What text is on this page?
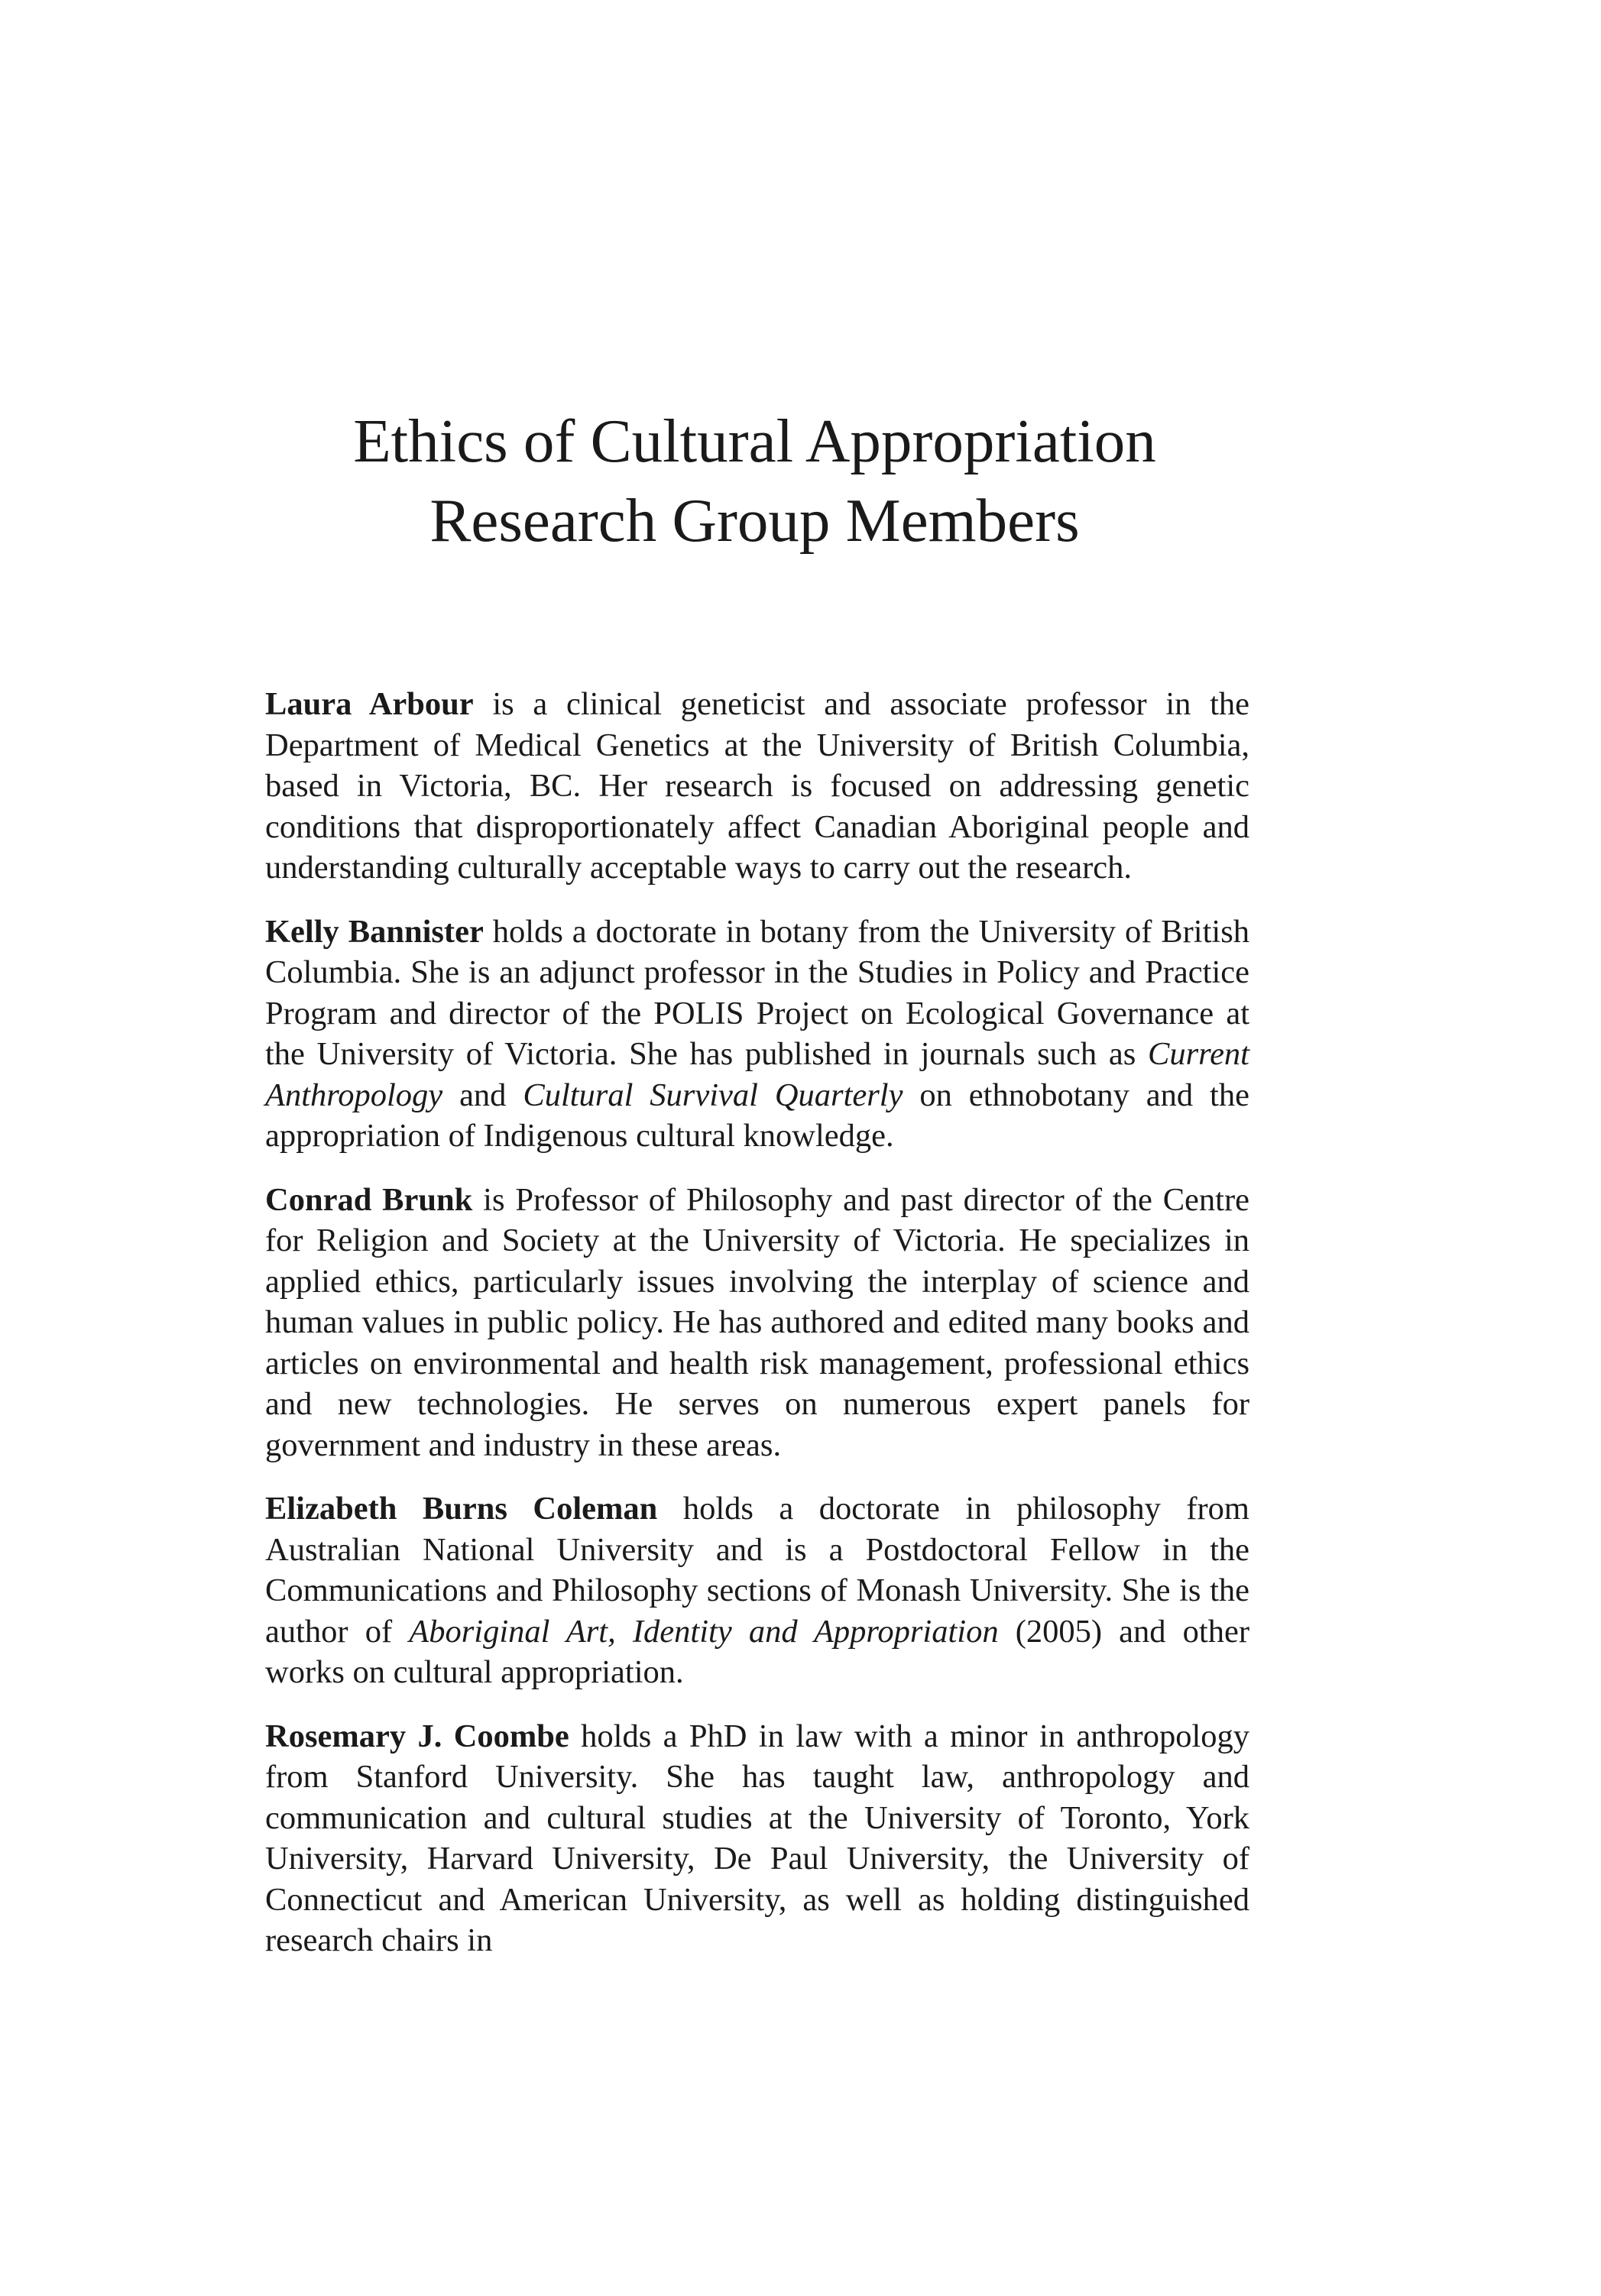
Ethics of Cultural Appropriation
Research Group Members

Laura Arbour is a clinical geneticist and associate professor in the Department of Medical Genetics at the University of British Columbia, based in Victoria, BC. Her research is focused on addressing genetic conditions that disproportionately affect Canadian Aboriginal people and understanding culturally acceptable ways to carry out the research.

Kelly Bannister holds a doctorate in botany from the University of British Columbia. She is an adjunct professor in the Studies in Policy and Practice Program and director of the POLIS Project on Ecological Governance at the University of Victoria. She has published in journals such as Current Anthropology and Cultural Survival Quarterly on ethnobotany and the appropriation of Indigenous cultural knowledge.

Conrad Brunk is Professor of Philosophy and past director of the Centre for Religion and Society at the University of Victoria. He specializes in applied ethics, particularly issues involving the interplay of science and human values in public policy. He has authored and edited many books and articles on environmental and health risk management, professional ethics and new technologies. He serves on numerous expert panels for government and industry in these areas.

Elizabeth Burns Coleman holds a doctorate in philosophy from Australian National University and is a Postdoctoral Fellow in the Communications and Philosophy sections of Monash University. She is the author of Aboriginal Art, Identity and Appropriation (2005) and other works on cultural appropriation.

Rosemary J. Coombe holds a PhD in law with a minor in anthropology from Stanford University. She has taught law, anthropology and communication and cultural studies at the University of Toronto, York University, Harvard University, De Paul University, the University of Connecticut and American University, as well as holding distinguished research chairs in
